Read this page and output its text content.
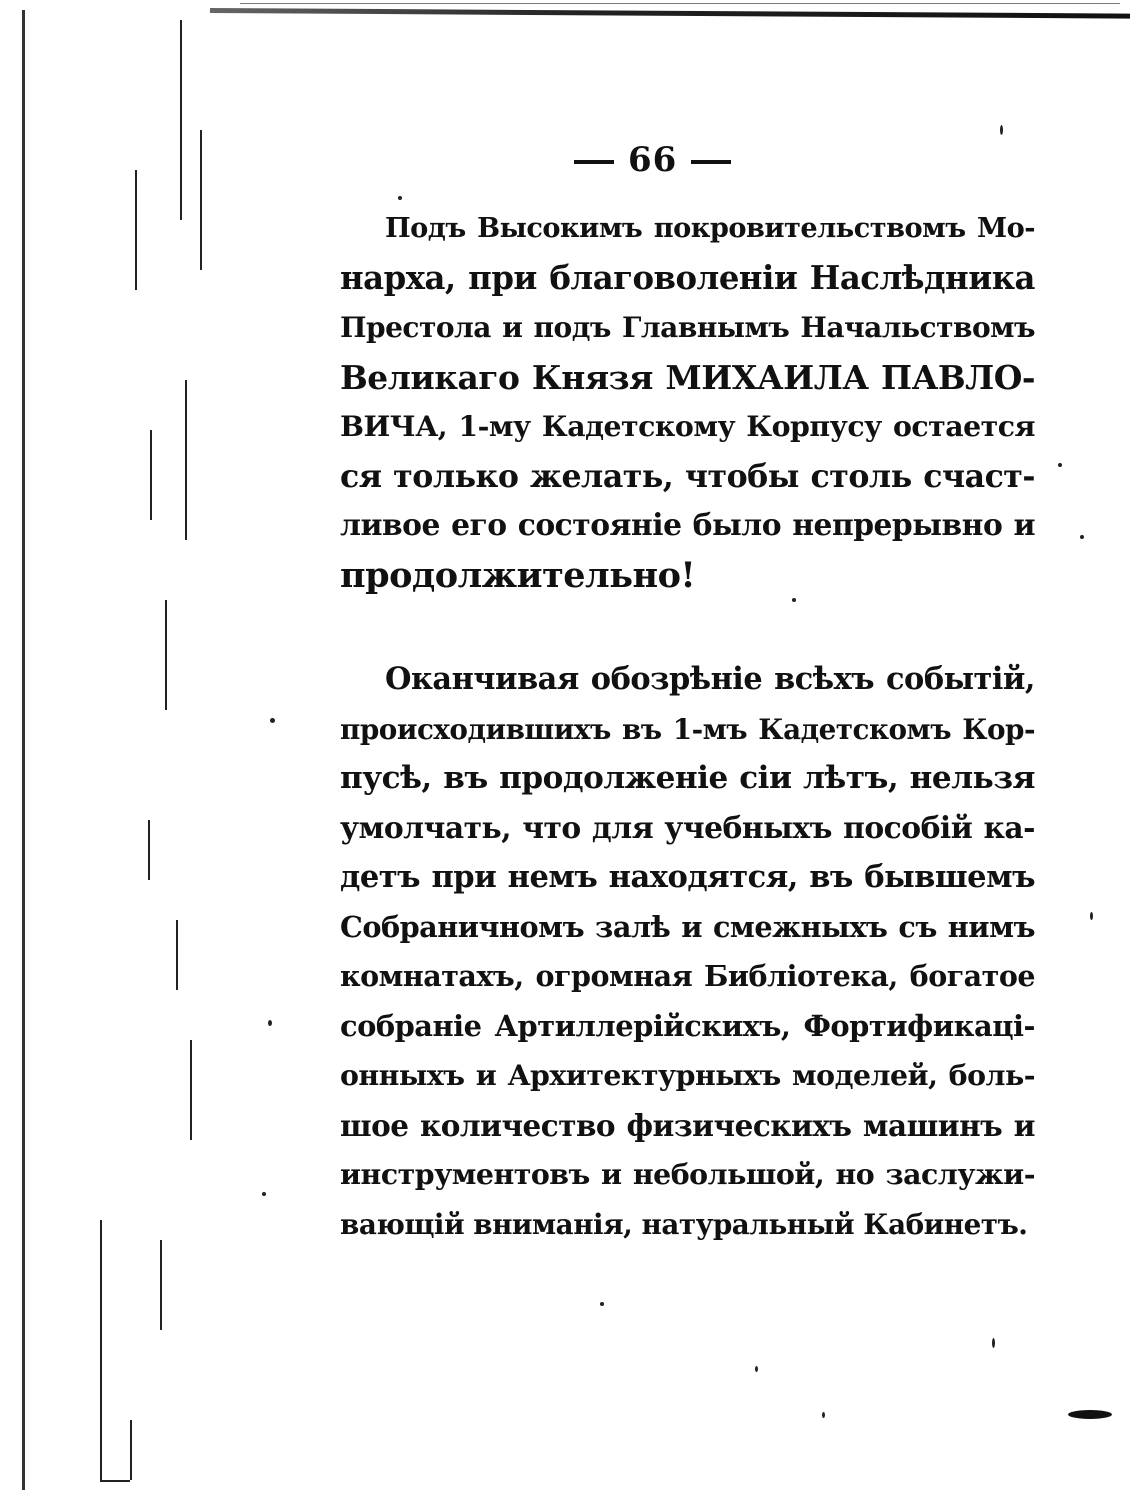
66
Подъ Высокимъ покровительствомъ Мо-
нарха, при благоволеніи Наслѣдника
Престола и подъ Главнымъ Начальствомъ
Великаго Князя МИХАИЛА ПАВЛО-
ВИЧА, 1-му Кадетскому Корпусу остается
ся только желать, чтобы столь счаст-
ливое его состояніе было непрерывно и
продолжительно!
Оканчивая обозрѣніе всѣхъ событій,
происходившихъ въ 1-мъ Кадетскомъ Кор-
пусѣ, въ продолженіе сіи лѣтъ, нельзя
умолчать, что для учебныхъ пособій ка-
детъ при немъ находятся, въ бывшемъ
Собраничномъ залѣ и смежныхъ съ нимъ
комнатахъ, огромная Библіотека, богатое
собраніе Артиллерійскихъ, Фортификаці-
онныхъ и Архитектурныхъ моделей, боль-
шое количество физическихъ машинъ и
инструментовъ и небольшой, но заслужи-
вающій вниманія, натуральный Кабинетъ.
